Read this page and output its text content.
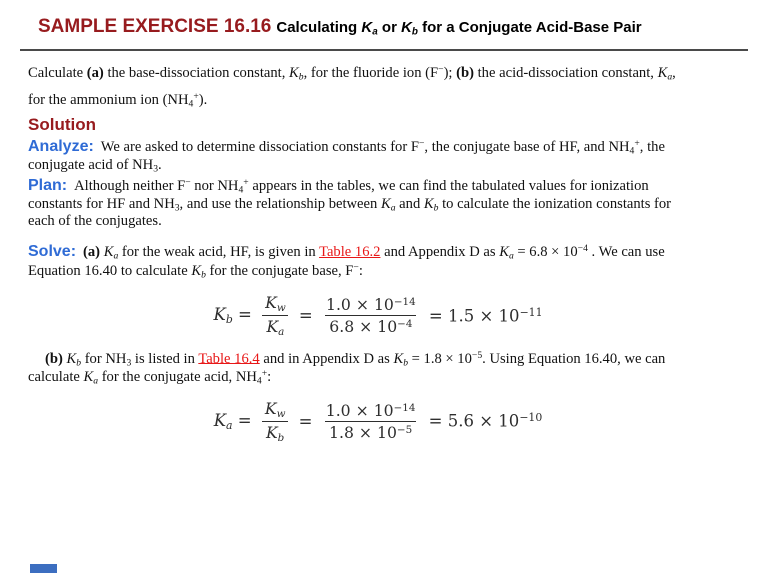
SAMPLE EXERCISE 16.16 Calculating Ka or Kb for a Conjugate Acid-Base Pair

Calculate (a) the base-dissociation constant, Kb, for the fluoride ion (F−); (b) the acid-dissociation constant, Ka,
for the ammonium ion (NH4+).

Solution

Analyze: We are asked to determine dissociation constants for F−, the conjugate base of HF, and NH4+, the
conjugate acid of NH3.

Plan: Although neither F− nor NH4+ appears in the tables, we can find the tabulated values for ionization
constants for HF and NH3, and use the relationship between Ka and Kb to calculate the ionization constants for
each of the conjugates.

Solve: (a) Ka for the weak acid, HF, is given in Table 16.2 and Appendix D as $Ka = 6.8 \times 10^{-4}$ . We can use
Equation 16.40 to calculate Kb for the conjugate base, F−:

$Kb = \frac{Kw}{Ka} = \frac{1.0 \times 10^{-14}}{6.8 \times 10^{-4}} = 1.5 \times 10^{-11}$

(b) Kb for NH3 is listed in Table 16.4 and in Appendix D as $Kb = 1.8 \times 10^{-5}$. Using Equation 16.40, we can
calculate Ka for the conjugate acid, NH4+:

$Ka = \frac{Kw}{Kb} = \frac{1.0 \times 10^{-14}}{1.8 \times 10^{-5}} = 5.6 \times 10^{-10}$
